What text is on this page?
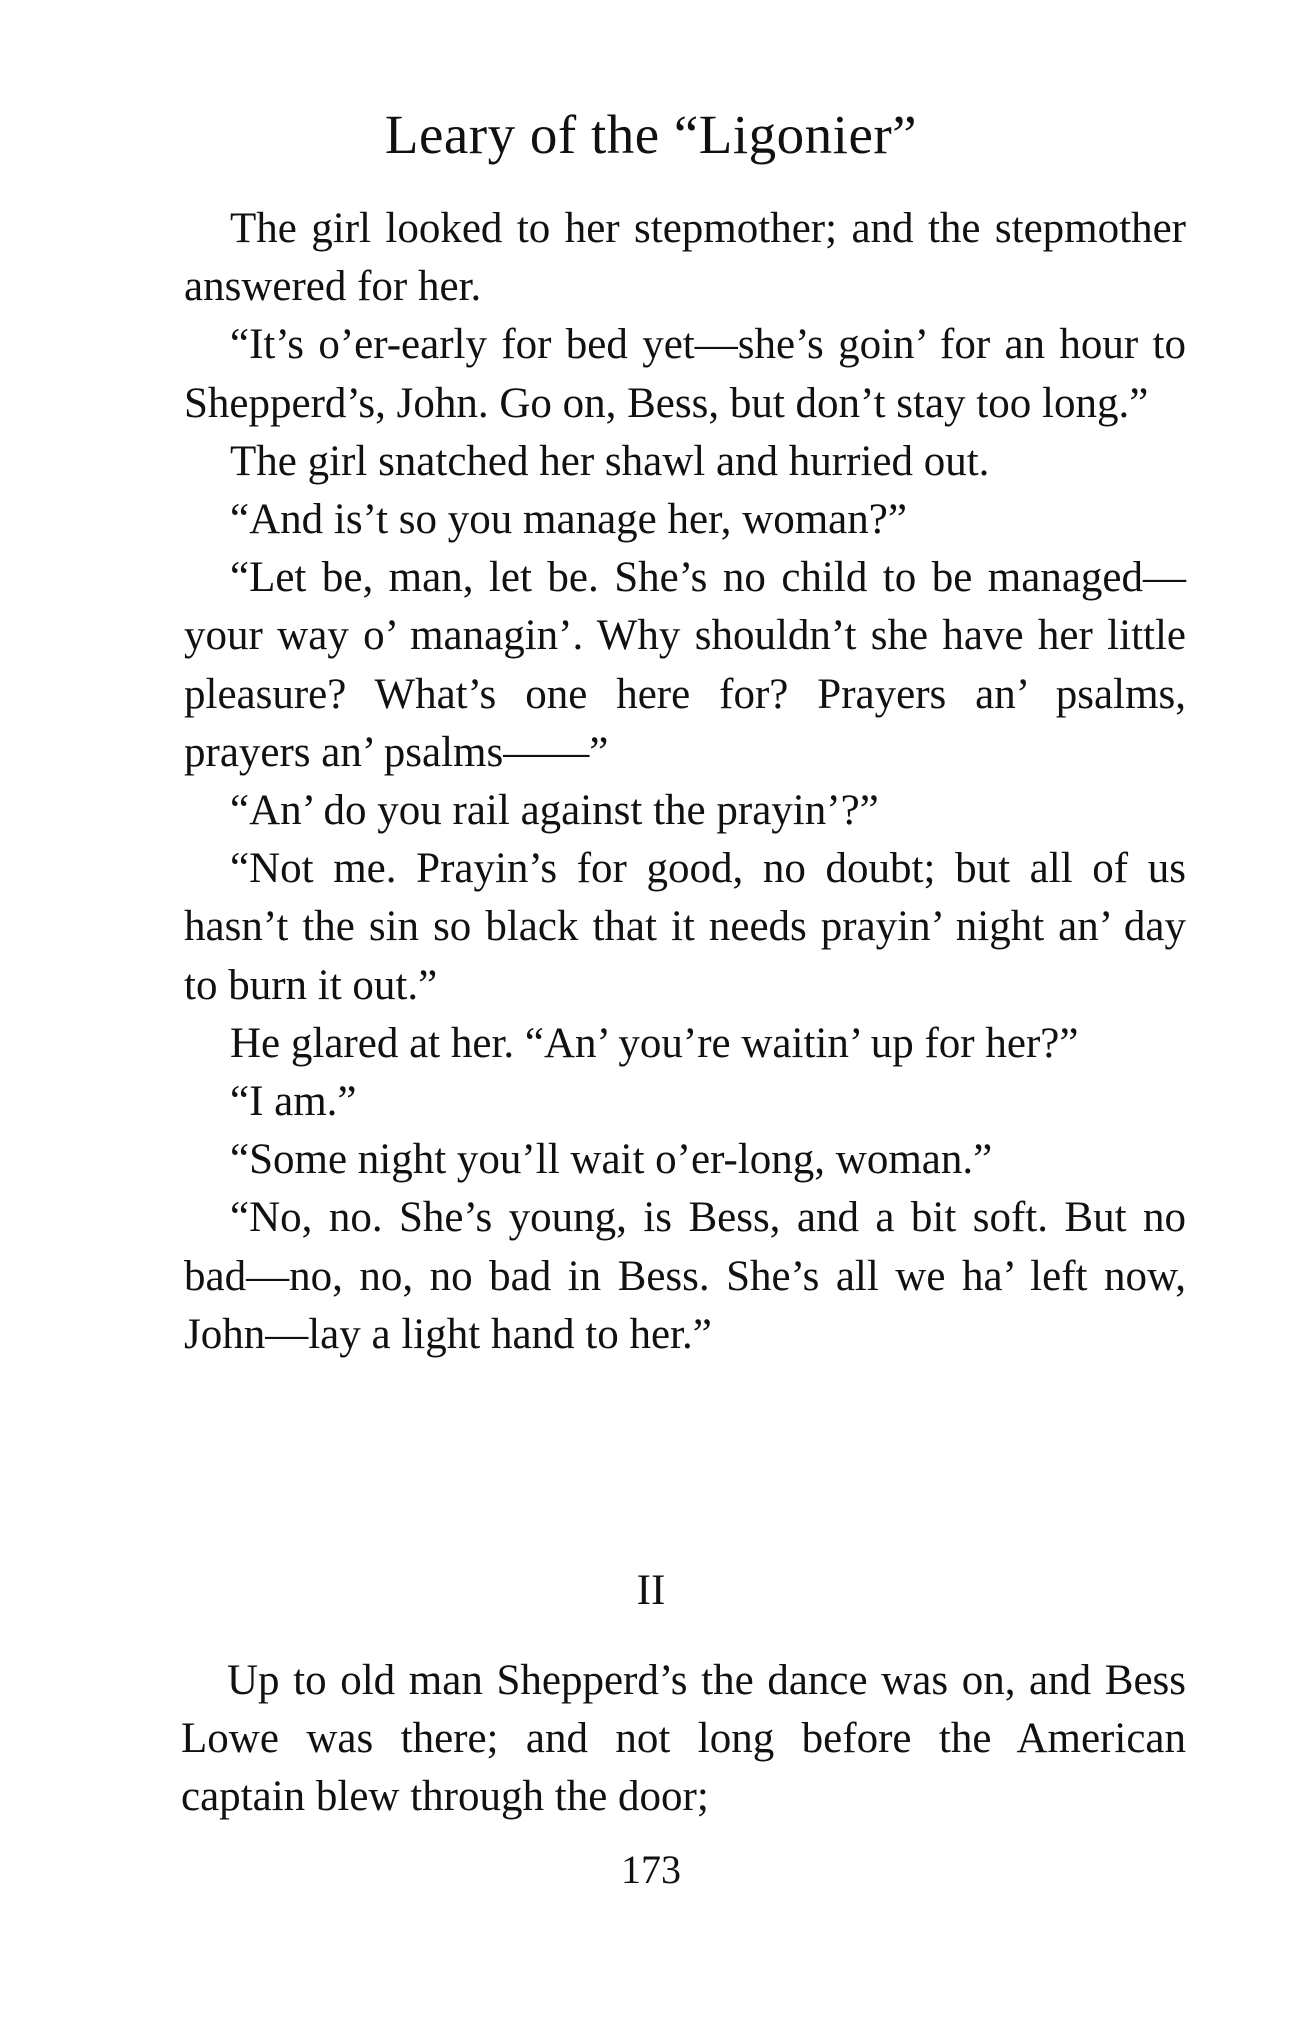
Leary of the “Ligonier”

The girl looked to her stepmother; and the stepmother answered for her.

“It’s o’er-early for bed yet—she’s goin’ for an hour to Shepperd’s, John. Go on, Bess, but don’t stay too long.”

The girl snatched her shawl and hurried out.

“And is’t so you manage her, woman?”

“Let be, man, let be. She’s no child to be managed—your way o’ managin’. Why shouldn’t she have her little pleasure? What’s one here for? Prayers an’ psalms, prayers an’ psalms——”

“An’ do you rail against the prayin’?”

“Not me. Prayin’s for good, no doubt; but all of us hasn’t the sin so black that it needs prayin’ night an’ day to burn it out.”

He glared at her. “An’ you’re waitin’ up for her?”

“I am.”

“Some night you’ll wait o’er-long, woman.”

“No, no. She’s young, is Bess, and a bit soft. But no bad—no, no, no bad in Bess. She’s all we ha’ left now, John—lay a light hand to her.”

II

Up to old man Shepperd’s the dance was on, and Bess Lowe was there; and not long before the American captain blew through the door;

173
